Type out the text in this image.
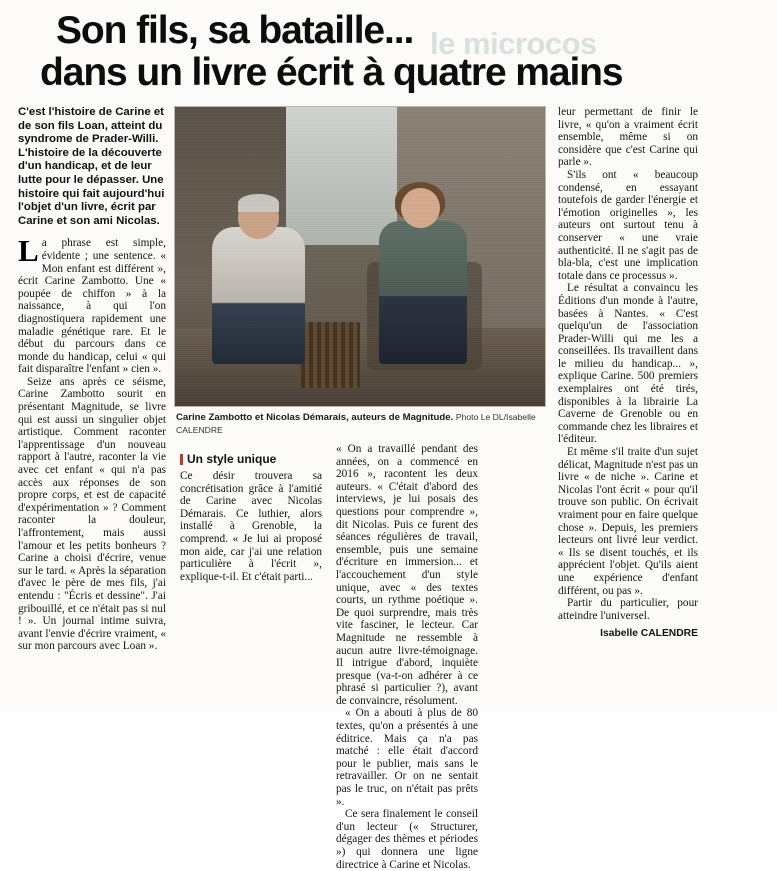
le microcos
Son fils, sa bataille...
dans un livre écrit à quatre mains
C'est l'histoire de Carine et de son fils Loan, atteint du syndrome de Prader-Willi. L'histoire de la découverte d'un handicap, et de leur lutte pour le dépasser. Une histoire qui fait aujourd'hui l'objet d'un livre, écrit par Carine et son ami Nicolas.
L a phrase est simple, évidente ; une sentence. « Mon enfant est différent », écrit Carine Zambotto. Une « poupée de chiffon » à la naissance, à qui l'on diagnostiquera rapidement une maladie génétique rare. Et le début du parcours dans ce monde du handicap, celui « qui fait disparaître l'enfant » cien ».

Seize ans après ce séisme, Carine Zambotto sourit en présentant Magnitude, se livre qui est aussi un singulier objet artistique. Comment raconter l'apprentissage d'un nouveau rapport à l'autre, raconter la vie avec cet enfant « qui n'a pas accès aux réponses de son propre corps, et est de capacité d'expérimentation » ? Comment raconter la douleur, l'affrontement, mais aussi l'amour et les petits bonheurs ? Carine a choisi d'écrire, venue sur le tard. « Après la séparation d'avec le père de mes fils, j'ai entendu : "Écris et dessine". J'ai gribouillé, et ce n'était pas si nul ! ». Un journal intime suivra, avant l'envie d'écrire vraiment, « sur mon parcours avec Loan ».

Carine Zambotto et Nicolas Démarais, auteurs de Magnitude. Photo Le DL/Isabelle CALENDRE
Un style unique

Ce désir trouvera sa concrétisation grâce à l'amitié de Carine avec Nicolas Démarais. Ce luthier, alors installé à Grenoble, la comprend. « Je lui ai proposé mon aide, car j'ai une relation particulière à l'écrit », explique-t-il. Et c'était parti...

« On a travaillé pendant des années, on a commencé en 2016 », racontent les deux auteurs. « C'était d'abord des interviews, je lui posais des questions pour comprendre », dit Nicolas. Puis ce furent des séances régulières de travail, ensemble, puis une semaine d'écriture en immersion... et l'accouchement d'un style unique, avec « des textes courts, un rythme poétique ». De quoi surprendre, mais très vite fasciner, le lecteur. Car Magnitude ne ressemble à aucun autre livre-témoignage. Il intrigue d'abord, inquiète presque (va-t-on adhérer à ce phrasé si particulier ?), avant de convaincre, résolument.

« On a abouti à plus de 80 textes, qu'on a présentés à une éditrice. Mais ça n'a pas matché : elle était d'accord pour le publier, mais sans le retravailler. Or on ne sentait pas le truc, on n'était pas prêts ».

Ce sera finalement le conseil d'un lecteur (« Structurer, dégager des thèmes et périodes ») qui donnera une ligne directrice à Carine et Nicolas.

leur permettant de finir le livre, « qu'on a vraiment écrit ensemble, même si on considère que c'est Carine qui parle ».

S'ils ont « beaucoup condensé, en essayant toutefois de garder l'énergie et l'émotion originelles », les auteurs ont surtout tenu à conserver « une vraie authenticité. Il ne s'agit pas de bla-bla, c'est une implication totale dans ce processus ».

Le résultat a convaincu les Éditions d'un monde à l'autre, basées à Nantes. « C'est quelqu'un de l'association Prader-Willi qui me les a conseillées. Ils travaillent dans le milieu du handicap... », explique Carine. 500 premiers exemplaires ont été tirés, disponibles à la librairie La Caverne de Grenoble ou en commande chez les libraires et l'éditeur.

Et même s'il traite d'un sujet délicat, Magnitude n'est pas un livre « de niche ». Carine et Nicolas l'ont écrit « pour qu'il trouve son public. On écrivait vraiment pour en faire quelque chose ». Depuis, les premiers lecteurs ont livré leur verdict. « Ils se disent touchés, et ils apprécient l'objet. Qu'ils aient une expérience d'enfant différent, ou pas ».

Partir du particulier, pour atteindre l'universel.

Isabelle CALENDRE
